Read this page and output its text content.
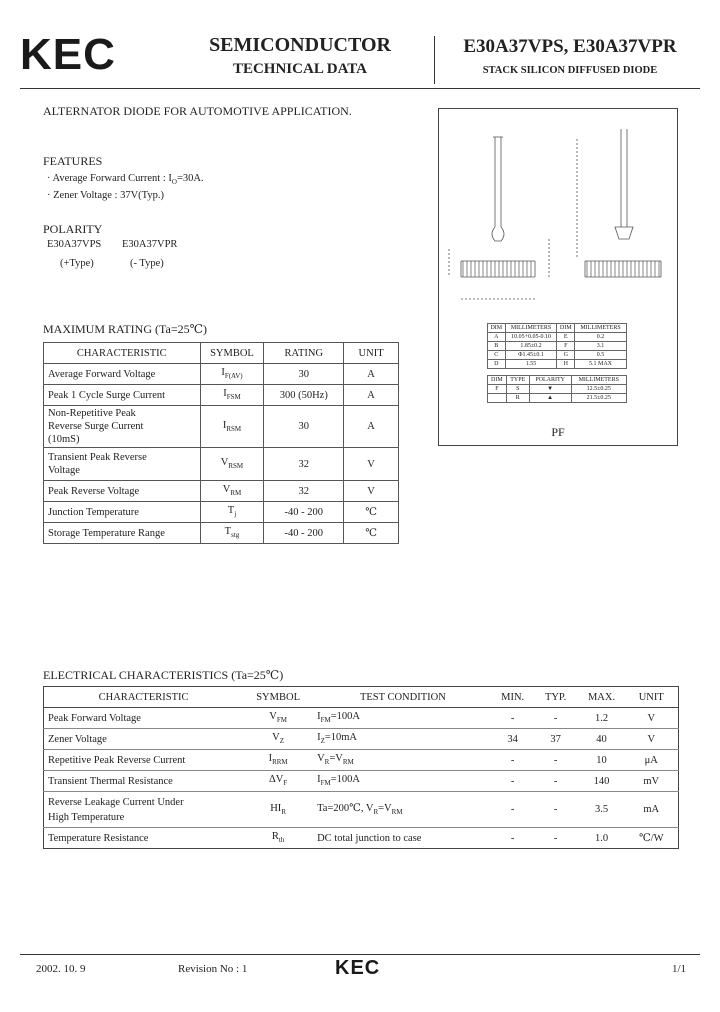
KEC	SEMICONDUCTOR
TECHNICAL DATA
E30A37VPS, E30A37VPR
STACK SILICON DIFFUSED DIODE
ALTERNATOR DIODE FOR AUTOMOTIVE APPLICATION.
FEATURES
· Average Forward Current : $I_O=30A$.
· Zener Voltage : 37V(Typ.)
POLARITY
E30A37VPS E30A37VPR
(+Type)	(- Type)
DIM	MILLIMETERS	DIM	MILLIMETERS
A	10.05+0.05-0.10	E	0.2
B	1.85±0.2	F	3.1
C	Φ1.45±0.1	G	0.5
D	1.55	H	5.1 MAX
DIM	TYPE	POLARITY	MILLIMETERS
F	S	▼	12.5±0.25
	R	▲	21.5±0.25
PF
MAXIMUM RATING (Ta=25℃)
CHARACTERISTIC	SYMBOL	RATING	UNIT
Average Forward Voltage	$I_{F(AV)}$	30	A
Peak 1 Cycle Surge Current	$I_{FSM}$	300 (50Hz)	A
Non-Repetitive Peak
Reverse Surge Current
(10mS)	$I_{RSM}$	30	A
Transient Peak Reverse
Voltage	$V_{RSM}$	32	V
Peak Reverse Voltage	$V_{RM}$	32	V
Junction Temperature	$T_j$	-40 - 200	℃
Storage Temperature Range	$T_{stg}$	-40 - 200	℃
ELECTRICAL CHARACTERISTICS (Ta=25℃)
CHARACTERISTIC	SYMBOL	TEST CONDITION	MIN.	TYP.	MAX.	UNIT
Peak Forward Voltage	$V_{FM}$	$I_{FM}=100A$	-	-	1.2	V
Zener Voltage	$V_Z$	$I_Z=10mA$	34	37	40	V
Repetitive Peak Reverse Current	$I_{RRM}$	$V_R=V_{RM}$	-	-	10	μA
Transient Thermal Resistance	$\Delta V_F$	$I_{FM}=100A$	-	-	140	mV
Reverse Leakage Current Under
High Temperature	$HI_R$	Ta=200℃, $V_R=V_{RM}$	-	-	3.5	mA
Temperature Resistance	$R_{th}$	DC total junction to case	-	-	1.0	℃/W
2002. 10. 9	Revision No : 1	KEC	1/1
